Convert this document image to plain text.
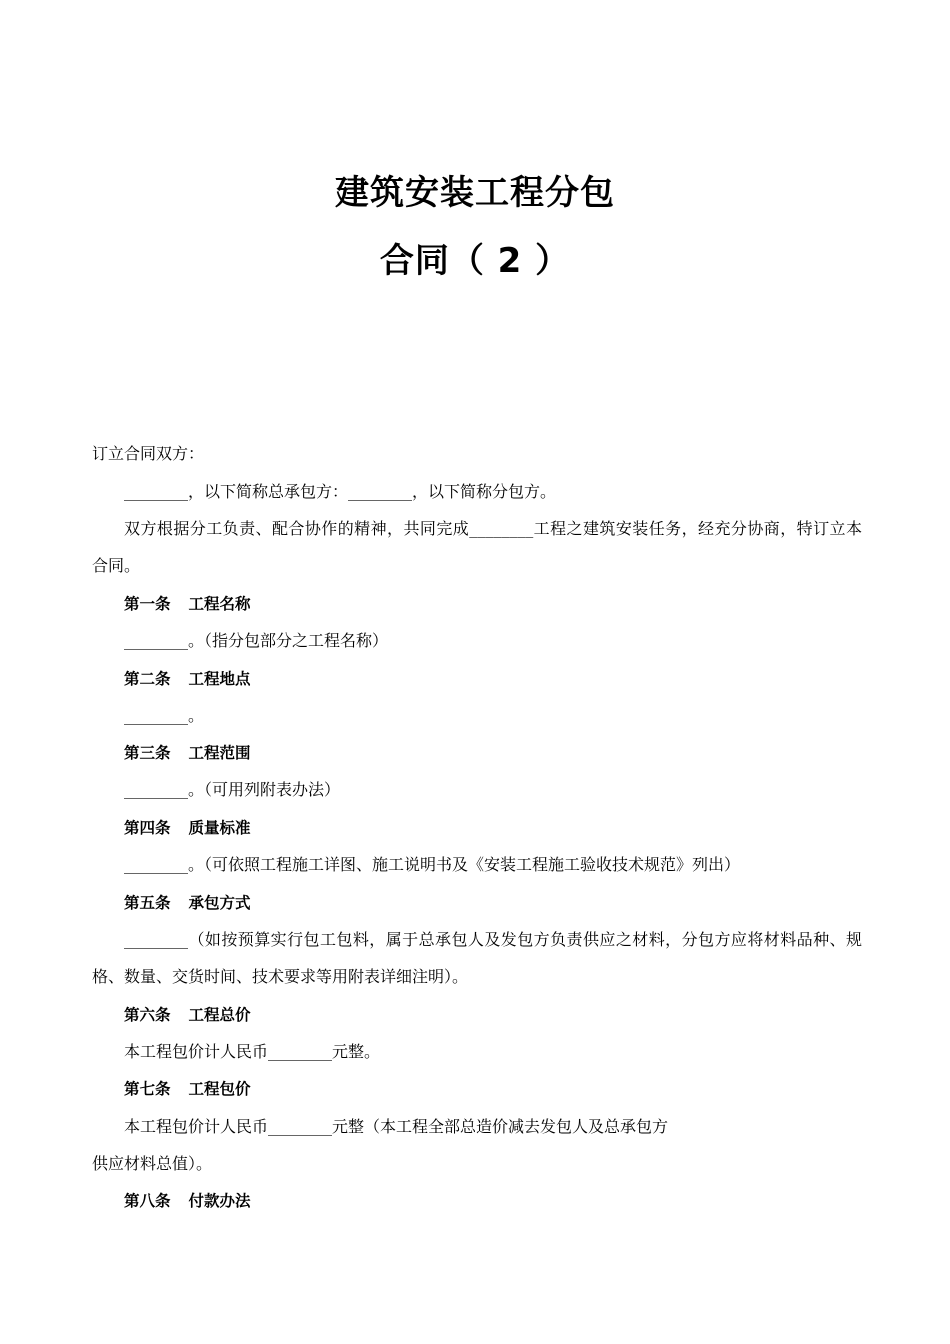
建筑安装工程分包
合同（ 2 ）
订立合同双方：
________，以下简称总承包方：________，以下简称分包方。
双方根据分工负责、配合协作的精神，共同完成________工程之建筑安装任务，经充分协商，特订立本
合同。
第一条 工程名称
________。（指分包部分之工程名称）
第二条 工程地点
________。
第三条 工程范围
________。（可用列附表办法）
第四条 质量标准
________。（可依照工程施工详图、施工说明书及《安装工程施工验收技术规范》列出）
第五条 承包方式
________（如按预算实行包工包料，属于总承包人及发包方负责供应之材料，分包方应将材料品种、规
格、数量、交货时间、技术要求等用附表详细注明）。
第六条 工程总价
本工程包价计人民币________元整。
第七条 工程包价
本工程包价计人民币________元整（本工程全部总造价减去发包人及总承包方
供应材料总值）。
第八条 付款办法
